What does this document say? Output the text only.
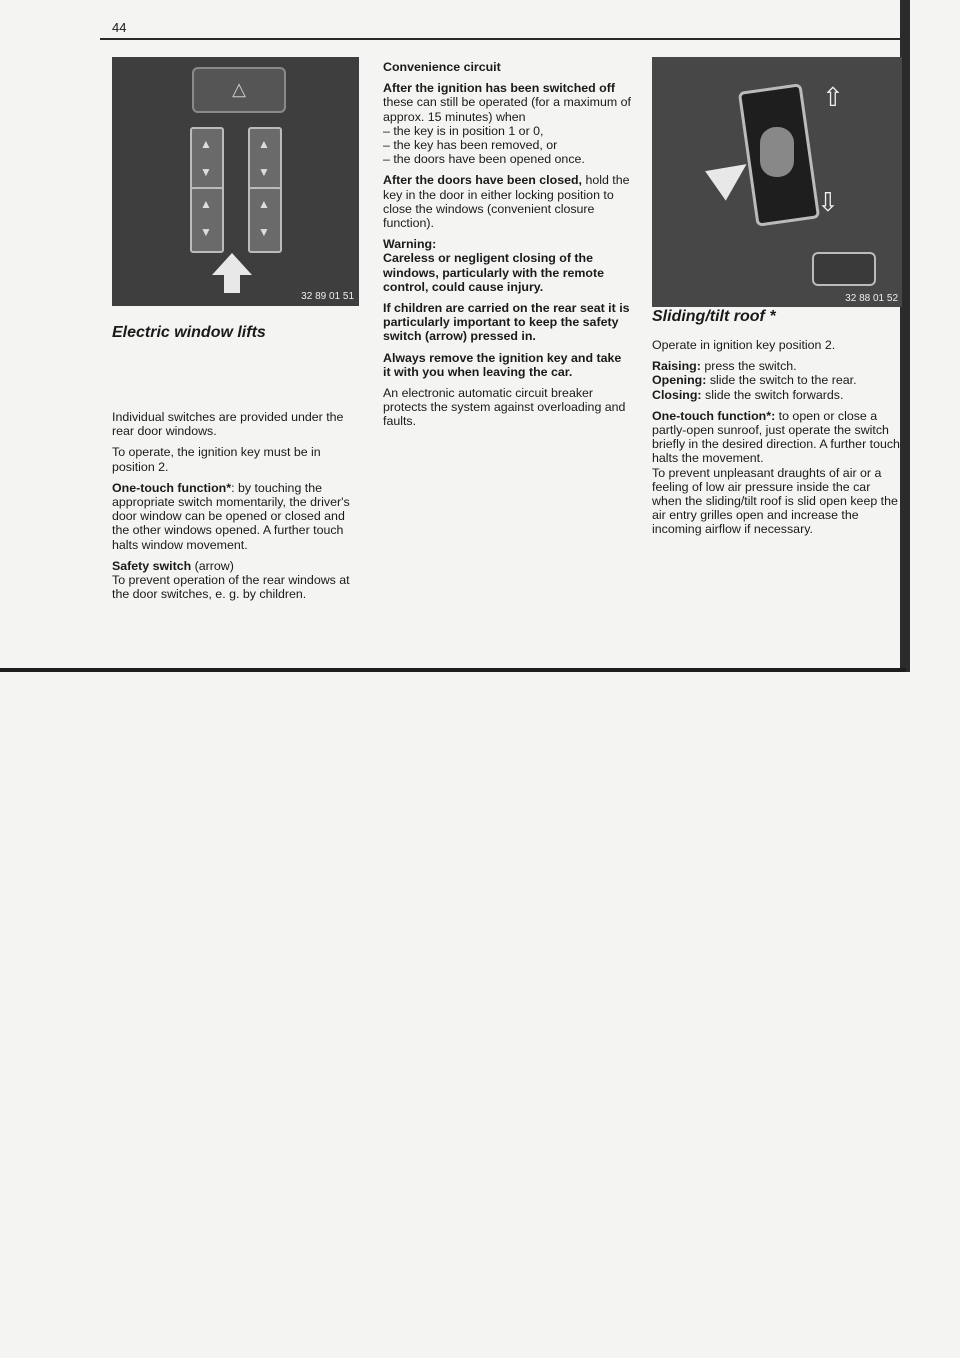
44
△
▲ ▼
▲ ▼
▲ ▼
▲ ▼
32 89 01 51
⇧
⇩
32 88 01 52
Electric window lifts

Individual switches are provided under the rear door windows.

To operate, the ignition key must be in position 2.

One-touch function*: by touching the appropriate switch momentarily, the driver's door window can be opened or closed and the other windows opened. A further touch halts window movement.

Safety switch (arrow)
To prevent operation of the rear windows at the door switches, e. g. by children.

Convenience circuit

After the ignition has been switched off these can still be operated (for a maximum of approx. 15 minutes) when
– the key is in position 1 or 0,
– the key has been removed, or
– the doors have been opened once.

After the doors have been closed, hold the key in the door in either locking position to close the windows (convenient closure function).

Warning:
Careless or negligent closing of the windows, particularly with the remote control, could cause injury.

If children are carried on the rear seat it is particularly important to keep the safety switch (arrow) pressed in.

Always remove the ignition key and take it with you when leaving the car.

An electronic automatic circuit breaker protects the system against overloading and faults.

Sliding/tilt roof *

Operate in ignition key position 2.

Raising: press the switch.
Opening: slide the switch to the rear.
Closing: slide the switch forwards.

One-touch function*: to open or close a partly-open sunroof, just operate the switch briefly in the desired direction. A further touch halts the movement.
To prevent unpleasant draughts of air or a feeling of low air pressure inside the car when the sliding/tilt roof is slid open keep the air entry grilles open and increase the incoming airflow if necessary.
